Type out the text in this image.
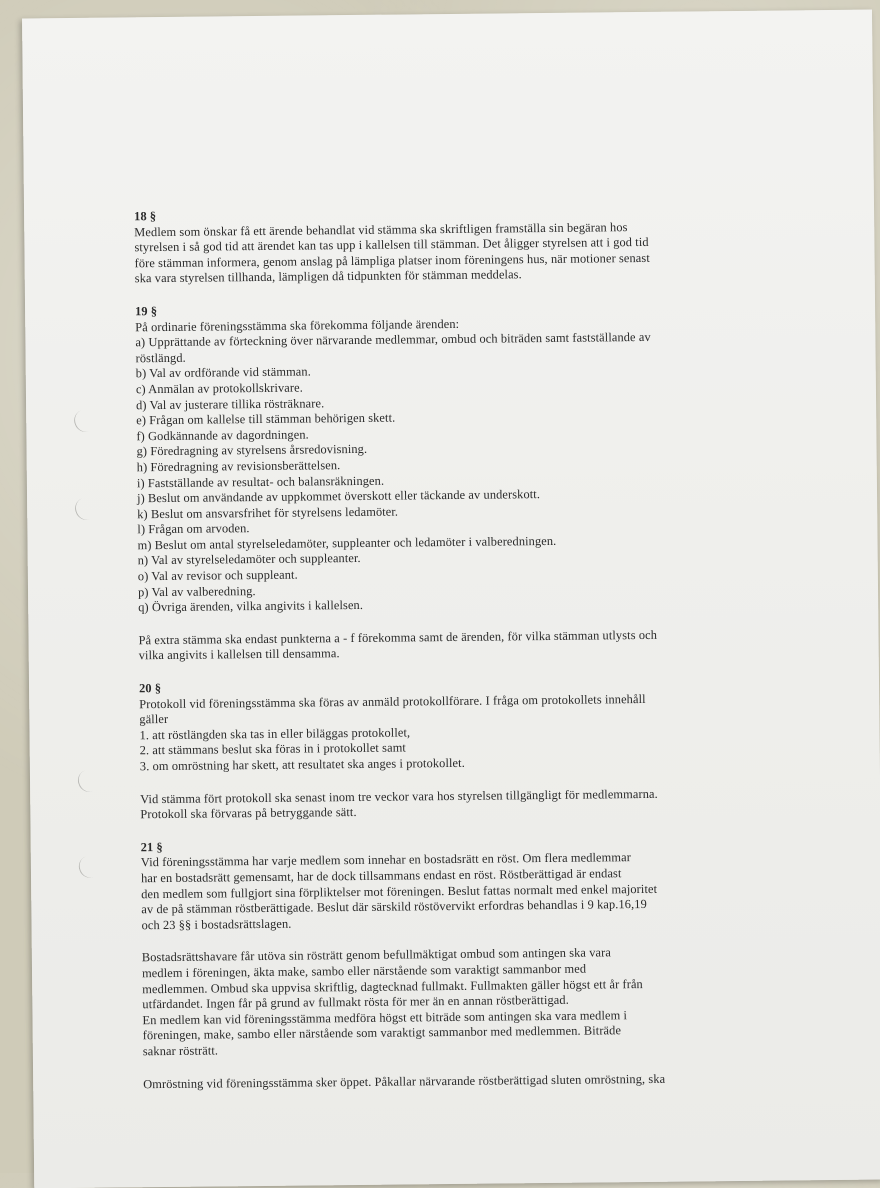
18 §

Medlem som önskar få ett ärende behandlat vid stämma ska skriftligen framställa sin begäran hos

styrelsen i så god tid att ärendet kan tas upp i kallelsen till stämman. Det åligger styrelsen att i god tid

före stämman informera, genom anslag på lämpliga platser inom föreningens hus, när motioner senast

ska vara styrelsen tillhanda, lämpligen då tidpunkten för stämman meddelas.

19 §

På ordinarie föreningsstämma ska förekomma följande ärenden:

a) Upprättande av förteckning över närvarande medlemmar, ombud och biträden samt fastställande av

röstlängd.

b) Val av ordförande vid stämman.

c) Anmälan av protokollskrivare.

d) Val av justerare tillika rösträknare.

e) Frågan om kallelse till stämman behörigen skett.

f) Godkännande av dagordningen.

g) Föredragning av styrelsens årsredovisning.

h) Föredragning av revisionsberättelsen.

i) Fastställande av resultat- och balansräkningen.

j) Beslut om användande av uppkommet överskott eller täckande av underskott.

k) Beslut om ansvarsfrihet för styrelsens ledamöter.

l) Frågan om arvoden.

m) Beslut om antal styrelseledamöter, suppleanter och ledamöter i valberedningen.

n) Val av styrelseledamöter och suppleanter.

o) Val av revisor och suppleant.

p) Val av valberedning.

q) Övriga ärenden, vilka angivits i kallelsen.

På extra stämma ska endast punkterna a - f förekomma samt de ärenden, för vilka stämman utlysts och

vilka angivits i kallelsen till densamma.

20 §

Protokoll vid föreningsstämma ska föras av anmäld protokollförare. I fråga om protokollets innehåll

gäller

1. att röstlängden ska tas in eller biläggas protokollet,

2. att stämmans beslut ska föras in i protokollet samt

3. om omröstning har skett, att resultatet ska anges i protokollet.

Vid stämma fört protokoll ska senast inom tre veckor vara hos styrelsen tillgängligt för medlemmarna.

Protokoll ska förvaras på betryggande sätt.

21 §

Vid föreningsstämma har varje medlem som innehar en bostadsrätt en röst. Om flera medlemmar

har en bostadsrätt gemensamt, har de dock tillsammans endast en röst. Röstberättigad är endast

den medlem som fullgjort sina förpliktelser mot föreningen. Beslut fattas normalt med enkel majoritet

av de på stämman röstberättigade. Beslut där särskild röstövervikt erfordras behandlas i 9 kap.16,19

och 23 §§ i bostadsrättslagen.

Bostadsrättshavare får utöva sin rösträtt genom befullmäktigat ombud som antingen ska vara

medlem i föreningen, äkta make, sambo eller närstående som varaktigt sammanbor med

medlemmen. Ombud ska uppvisa skriftlig, dagtecknad fullmakt. Fullmakten gäller högst ett år från

utfärdandet. Ingen får på grund av fullmakt rösta för mer än en annan röstberättigad.

En medlem kan vid föreningsstämma medföra högst ett biträde som antingen ska vara medlem i

föreningen, make, sambo eller närstående som varaktigt sammanbor med medlemmen. Biträde

saknar rösträtt.

Omröstning vid föreningsstämma sker öppet. Påkallar närvarande röstberättigad sluten omröstning, ska
